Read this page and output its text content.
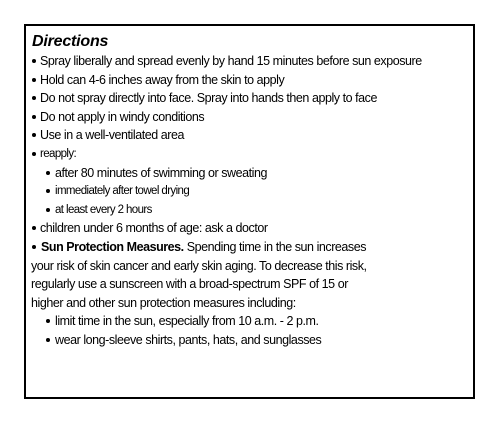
Directions
Spray liberally and spread evenly by hand 15 minutes before sun exposure
Hold can 4-6 inches away from the skin to apply
Do not spray directly into face. Spray into hands then apply to face
Do not apply in windy conditions
Use in a well-ventilated area
reapply:
after 80 minutes of swimming or sweating
immediately after towel drying
at least every 2 hours
children under 6 months of age: ask a doctor
Sun Protection Measures. Spending time in the sun increases
your risk of skin cancer and early skin aging. To decrease this risk,
regularly use a sunscreen with a broad-spectrum SPF of 15 or
higher and other sun protection measures including:
limit time in the sun, especially from 10 a.m. - 2 p.m.
wear long-sleeve shirts, pants, hats, and sunglasses
